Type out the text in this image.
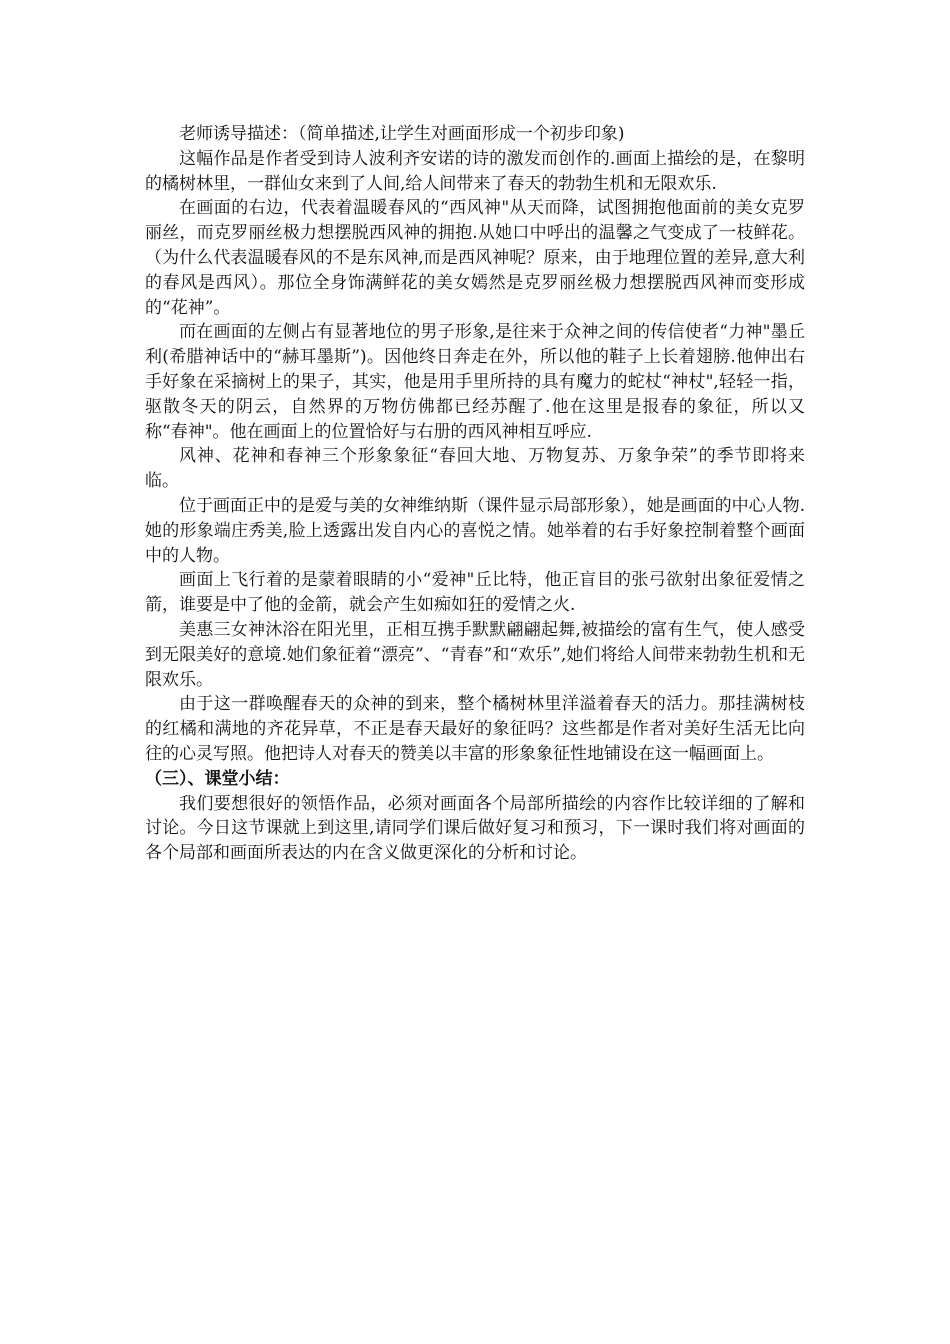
老师诱导描述：（简单描述,让学生对画面形成一个初步印象)

这幅作品是作者受到诗人波利齐安诺的诗的激发而创作的.画面上描绘的是，在黎明的橘树林里，一群仙女来到了人间,给人间带来了春天的勃勃生机和无限欢乐.

在画面的右边，代表着温暖春风的“西风神"从天而降，试图拥抱他面前的美女克罗丽丝，而克罗丽丝极力想摆脱西风神的拥抱.从她口中呼出的温馨之气变成了一枝鲜花。（为什么代表温暖春风的不是东风神,而是西风神呢？原来，由于地理位置的差异,意大利的春风是西风）。那位全身饰满鲜花的美女嫣然是克罗丽丝极力想摆脱西风神而变形成的“花神”。

而在画面的左侧占有显著地位的男子形象,是往来于众神之间的传信使者“力神"墨丘利(希腊神话中的“赫耳墨斯”)。因他终日奔走在外，所以他的鞋子上长着翅膀.他伸出右手好象在采摘树上的果子，其实，他是用手里所持的具有魔力的蛇杖“神杖",轻轻一指，驱散冬天的阴云，自然界的万物仿佛都已经苏醒了.他在这里是报春的象征，所以又称“春神"。他在画面上的位置恰好与右册的西风神相互呼应.

风神、花神和春神三个形象象征“春回大地、万物复苏、万象争荣”的季节即将来临。

位于画面正中的是爱与美的女神维纳斯（课件显示局部形象），她是画面的中心人物.她的形象端庄秀美,脸上透露出发自内心的喜悦之情。她举着的右手好象控制着整个画面中的人物。

画面上飞行着的是蒙着眼睛的小“爱神"丘比特，他正盲目的张弓欲射出象征爱情之箭，谁要是中了他的金箭，就会产生如痴如狂的爱情之火.

美惠三女神沐浴在阳光里，正相互携手默默翩翩起舞,被描绘的富有生气，使人感受到无限美好的意境.她们象征着“漂亮”、“青春”和“欢乐”,她们将给人间带来勃勃生机和无限欢乐。

由于这一群唤醒春天的众神的到来，整个橘树林里洋溢着春天的活力。那挂满树枝的红橘和满地的齐花异草，不正是春天最好的象征吗？这些都是作者对美好生活无比向往的心灵写照。他把诗人对春天的赞美以丰富的形象象征性地铺设在这一幅画面上。

（三）、课堂小结：

我们要想很好的领悟作品，必须对画面各个局部所描绘的内容作比较详细的了解和讨论。今日这节课就上到这里,请同学们课后做好复习和预习，下一课时我们将对画面的各个局部和画面所表达的内在含义做更深化的分析和讨论。
